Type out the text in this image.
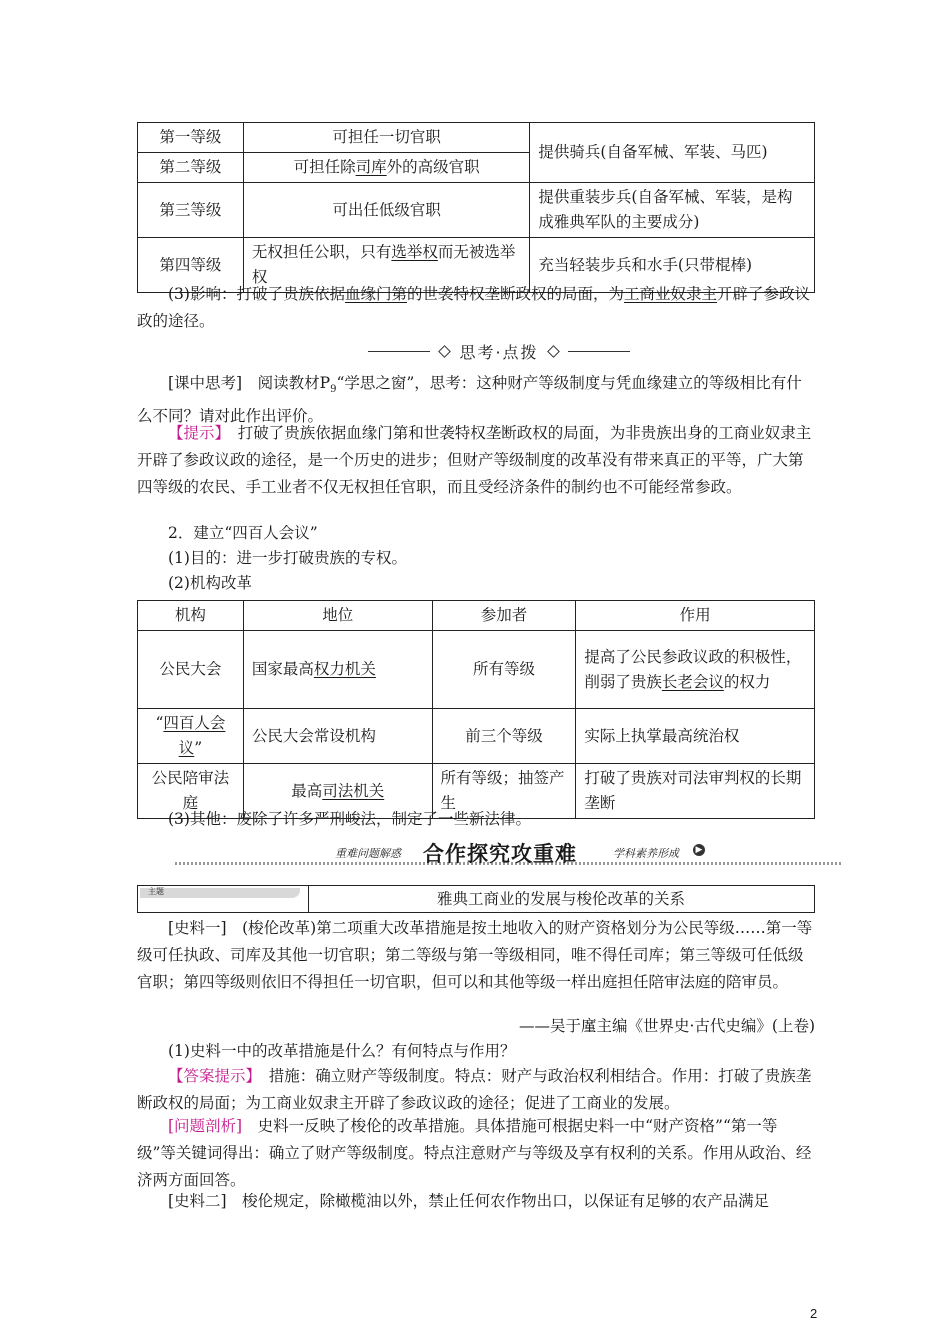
第一等级	可担任一切官职	提供骑兵(自备军械、军装、马匹)
第二等级	可担任除司库外的高级官职	
第三等级	可出任低级官职	提供重装步兵(自备军械、军装，是构成雅典军队的主要成分)
第四等级	无权担任公职，只有选举权而无被选举权	充当轻装步兵和水手(只带棍棒)
(3)影响：打破了贵族依据血缘门第的世袭特权垄断政权的局面，为工商业奴隶主开辟了参政议政的途径。
思考·点拨
[课中思考]　 阅读教材$P_9“$学思之窗”，思考：这种财产等级制度与凭血缘建立的等级相比有什么不同？请对此作出评价。
【提示】　 打破了贵族依据血缘门第和世袭特权垄断政权的局面，为非贵族出身的工商业奴隶主开辟了参政议政的途径，是一个历史的进步；但财产等级制度的改革没有带来真正的平等，广大第四等级的农民、手工业者不仅无权担任官职，而且受经济条件的制约也不可能经常参政。
2．建立“四百人会议”
(1)目的：进一步打破贵族的专权。
(2)机构改革
机构	地位	参加者	作用
公民大会	国家最高权力机关	所有等级	提高了公民参政议政的积极性，削弱了贵族长老会议的权力
“四百人会议”	公民大会常设机构	前三个等级	实际上执掌最高统治权
公民陪审法庭	最高司法机关	所有等级；抽签产生	打破了贵族对司法审判权的长期垄断
(3)其他：废除了许多严刑峻法，制定了一些新法律。
重难问题解惑 合作探究	▶
攻重难	学科素养形成
主题	雅典工商业的发展与梭伦改革的关系
[史料一]　 (梭伦改革)第二项重大改革措施是按土地收入的财产资格划分为公民等级……第一等级可任执政、司库及其他一切官职；第二等级与第一等级相同，唯不得任司库；第三等级可任低级官职；第四等级则依旧不得担任一切官职，但可以和其他等级一样出庭担任陪审法庭的陪审员。
——吴于廑主编《世界史·古代史编》(上卷)
(1)史料一中的改革措施是什么？有何特点与作用？
【答案提示】　 措施：确立财产等级制度。特点：财产与政治权利相结合。作用：打破了贵族垄断政权的局面；为工商业奴隶主开辟了参政议政的途径；促进了工商业的发展。
[问题剖析]　 史料一反映了梭伦的改革措施。具体措施可根据史料一中“财产资格”“第一等级”等关键词得出：确立了财产等级制度。特点注意财产与等级及享有权利的关系。作用从政治、经济两方面回答。
[史料二]　 梭伦规定，除橄榄油以外，禁止任何农作物出口，以保证有足够的农产品满足
2
